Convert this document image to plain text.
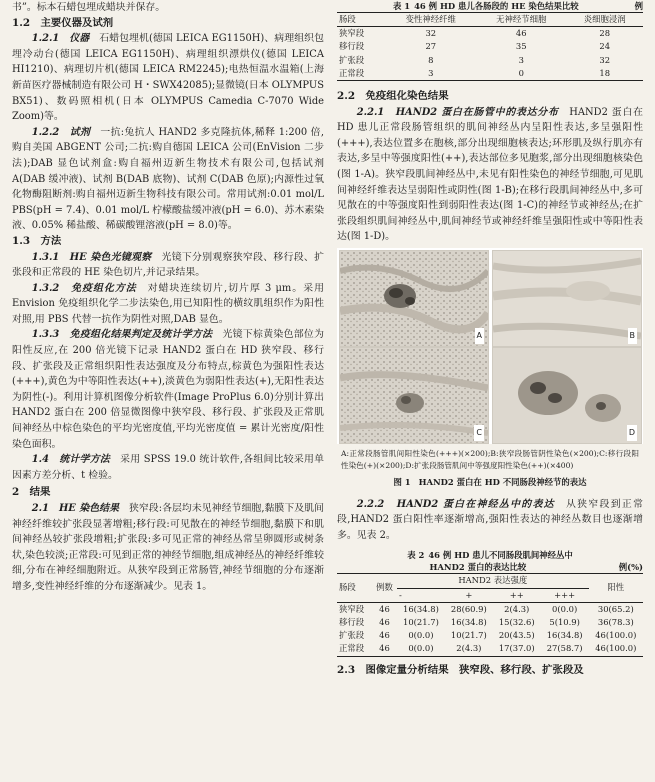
书”。标本石蜡包埋成蜡块并保存。

1.2　主要仪器及试剂

1.2.1　仪器　 石蜡包埋机(德国 LEICA EG1150H)、病理组织包埋冷动台(德国 LEICA EG1150H)、病理组织漂烘仪(德国 LEICA HI1210)、病理切片机(德国 LEICA RM2245);电热恒温水温箱(上海新苗医疗器械制造有限公司 H・SWX42085);显微镜(日本 OLYMPUS BX51)、数码照相机(日本 OLYMPUS Camedia C-7070 Wide Zoom)等。

1.2.2　试剂　 一抗:兔抗人 HAND2 多克隆抗体,稀释 1:200 倍,购自美国 ABGENT 公司;二抗:购自德国 LEICA 公司(EnVision 二步法);DAB 显色试剂盒:购自福州迈新生物技术有限公司,包括试剂 A(DAB 缓冲液)、试剂 B(DAB 底物)、试剂 C(DAB 色原);内源性过氧化物酶阻断剂:购自福州迈新生物科技有限公司。常用试剂:0.01 mol/L PBS(pH = 7.4)、0.01 mol/L 柠檬酸盐缓冲液(pH = 6.0)、苏木素染液、0.05% 稀盐酸、稀碳酸锂溶液(pH = 8.0)等。

1.3　方法

1.3.1　HE 染色光镜观察　 光镜下分别观察狭窄段、移行段、扩张段和正常段的 HE 染色切片,并记录结果。

1.3.2　免疫组化方法　 对蜡块连续切片,切片厚 3 μm。采用 Envision 免疫组织化学二步法染色,用已知阳性的横纹肌组织作为阳性对照,用 PBS 代替一抗作为阴性对照,DAB 显色。

1.3.3　免疫组化结果判定及统计学方法　 光镜下棕黄染色部位为阳性反应,在 200 倍光镜下记录 HAND2 蛋白在 HD 狭窄段、移行段、扩张段及正常组织阳性表达强度及分布特点,棕黄色为强阳性表达(+++),黄色为中等阳性表达(++),淡黄色为弱阳性表达(+),无阳性表达为阴性(-)。利用计算机图像分析软件(Image ProPlus 6.0)分别计算出 HAND2 蛋白在 200 倍显微图像中狭窄段、移行段、扩张段及正常肌间神经丛中棕色染色的平均光密度值,平均光密度值 = 累计光密度/阳性染色面积。

1.4　统计学方法　 采用 SPSS 19.0 统计软件,各组间比较采用单因素方差分析、t 检验。

2　结果

2.1　HE 染色结果　 狭窄段:各层均未见神经节细胞,黏膜下及肌间神经纤维较扩张段显著增粗;移行段:可见散在的神经节细胞,黏膜下和肌间神经丛较扩张段增粗;扩张段:多可见正常的神经丛常呈卵圆形或树条状,染色较淡;正常段:可见到正常的神经节细胞,组成神经丛的神经纤维较细,分布在神经细胞附近。从狭窄段到正常肠管,神经节细胞的分布逐渐增多,变性神经纤维的分布逐渐减少。见表 1。

表 1 46 例 HD 患儿各肠段的 HE 染色结果比较	例

肠段	变性神经纤维	无神经节细胞	炎细胞浸润
狭窄段	32	46	28
移行段	27	35	24
扩张段	8	3	32
正常段	3	0	18

2.2　免疫组化染色结果

2.2.1　HAND2 蛋白在肠管中的表达分布　 HAND2 蛋白在 HD 患儿正常段肠管组织的肌间神经丛内呈阳性表达,多呈强阳性(+++),表达位置多在胞核,部分出现细胞核表达;环形肌及纵行肌亦有表达,多呈中等强度阳性(++),表达部位多见胞浆,部分出现细胞核染色(图 1-A)。狭窄段肌间神经丛中,未见有阳性染色的神经节细胞,可见肌间神经纤维表达呈弱阳性或阴性(图 1-B);在移行段肌间神经丛中,多可见散在的中等强度阳性到弱阳性表达(图 1-C)的神经节或神经丛;在扩张段组织肌间神经丛中,肌间神经节或神经纤维呈强阳性或中等阳性表达(图 1-D)。

A	B
C	D

A:正常段肠管肌间阳性染色(+++)(×200);B:狭窄段肠管阴性染色(×200);C:移行段阳性染色(+)(×200);D:扩张段肠管肌间中等强度阳性染色(++)(×400)

图 1 HAND2 蛋白在 HD 不同肠段神经节的表达

2.2.2　HAND2 蛋白在神经丛中的表达　 从狭窄段到正常段,HAND2 蛋白阳性率逐渐增高,强阳性表达的神经丛数目也逐渐增多。见表 2。

表 2 46 例 HD 患儿不同肠段肌间神经丛中

HAND2 蛋白的表达比较	例(%)

肠段	例数	HAND2 表达强度				阳性
		-	+	++	+++	
狭窄段	46	16(34.8)	28(60.9)	2(4.3)	0(0.0)	30(65.2)
移行段	46	10(21.7)	16(34.8)	15(32.6)	5(10.9)	36(78.3)
扩张段	46	0(0.0)	10(21.7)	20(43.5)	16(34.8)	46(100.0)
正常段	46	0(0.0)	2(4.3)	17(37.0)	27(58.7)	46(100.0)

2.3　图像定量分析结果　狭窄段、移行段、扩张段及
